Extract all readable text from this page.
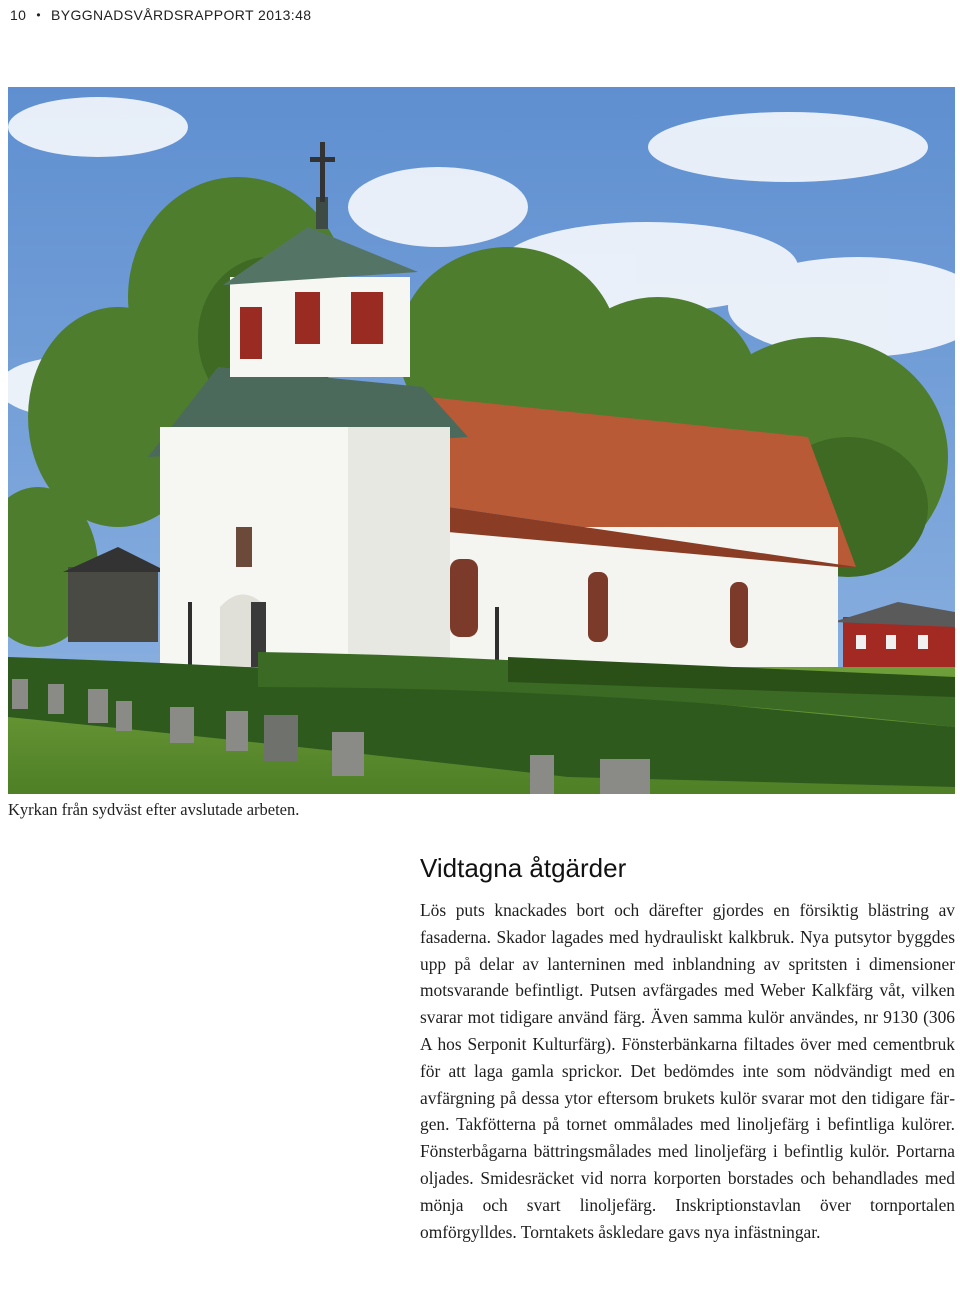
10 • BYGGNADSVÅRDSRAPPORT 2013:48
Kyrkan från sydväst efter avslutade arbeten.
Vidtagna åtgärder

Lös puts knackades bort och därefter gjordes en försiktig blästring av fasaderna. Skador lagades med hydrauliskt kalkbruk. Nya putsytor byggdes upp på delar av lanterninen med inblandning av spritsten i dimensioner motsvarande befintligt. Putsen avfärgades med Weber Kalkfärg våt, vilken svarar mot tidigare använd färg. Även samma kulör användes, nr 9130 (306 A hos Serponit Kulturfärg). Fönsterbänkarna filtades över med cementbruk för att laga gamla sprickor. Det bedömdes inte som nödvändigt med en avfärgning på dessa ytor eftersom brukets kulör svarar mot den tidigare färgen. Takfötterna på tornet ommålades med linoljefärg i befintliga kulörer. Fönsterbågarna bättringsmålades med linoljefärg i befintlig kulör. Portarna oljades. Smidesräcket vid norra korporten borstades och behandlades med mönja och svart linoljefärg. Inskriptionstavlan över tornportalen omförgylldes. Torntakets åskledare gavs nya infästningar.
